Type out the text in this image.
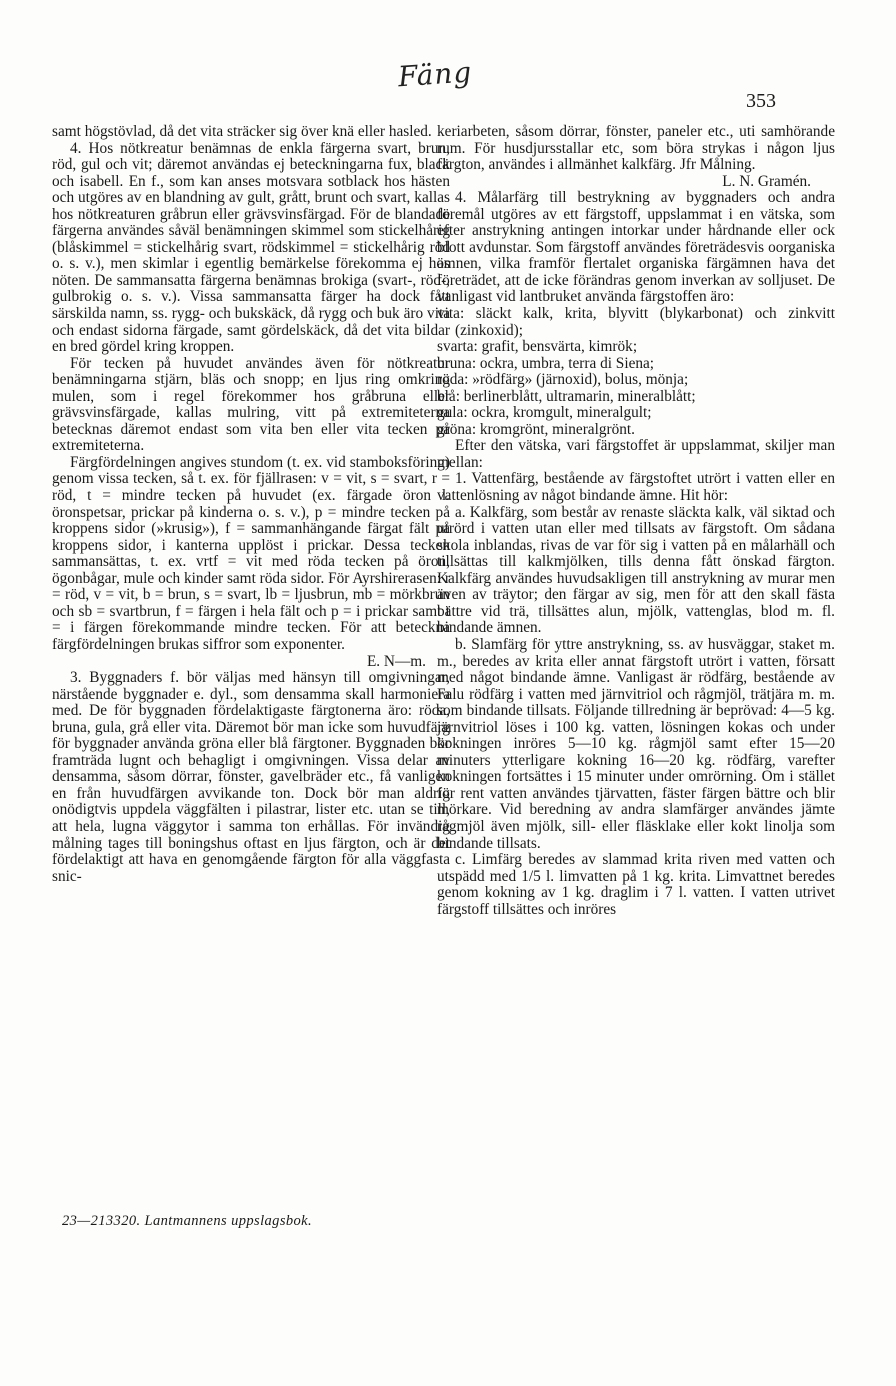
Fäng
353

samt högstövlad, då det vita sträcker sig över knä eller hasled.

4. Hos nötkreatur benämnas de enkla färgerna svart, brun, röd, gul och vit; däremot användas ej beteckningarna fux, black och isabell. En f., som kan anses motsvara sotblack hos hästen och utgöres av en blandning av gult, grått, brunt och svart, kallas hos nötkreaturen gråbrun eller grävsvinsfärgad. För de blandade färgerna användes såväl benämningen skimmel som stickelhårig (blåskimmel = stickelhårig svart, rödskimmel = stickelhårig röd o. s. v.), men skimlar i egentlig bemärkelse förekomma ej hos nöten. De sammansatta färgerna benämnas brokiga (svart-, röd-, gulbrokig o. s. v.). Vissa sammansatta färger ha dock fått särskilda namn, ss. rygg- och bukskäck, då rygg och buk äro vita och endast sidorna färgade, samt gördelskäck, då det vita bildar en bred gördel kring kroppen.

För tecken på huvudet användes även för nötkreatur benämningarna stjärn, bläs och snopp; en ljus ring omkring mulen, som i regel förekommer hos gråbruna eller grävsvinsfärgade, kallas mulring, vitt på extremiteterna betecknas däremot endast som vita ben eller vita tecken på extremiteterna.

Färgfördelningen angives stundom (t. ex. vid stamboksföring) genom vissa tecken, så t. ex. för fjällrasen: v = vit, s = svart, r = röd, t = mindre tecken på huvudet (ex. färgade öron l. öronspetsar, prickar på kinderna o. s. v.), p = mindre tecken på kroppens sidor (»krusig»), f = sammanhängande färgat fält på kroppens sidor, i kanterna upplöst i prickar. Dessa tecken sammansättas, t. ex. vrtf = vit med röda tecken på öron, ögonbågar, mule och kinder samt röda sidor. För Ayrshirerasen: r = röd, v = vit, b = brun, s = svart, lb = ljusbrun, mb = mörkbrun och sb = svartbrun, f = färgen i hela fält och p = i prickar samt t = i färgen förekommande mindre tecken. För att beteckna färgfördelningen brukas siffror som exponenter.

E. N—m.

3. Byggnaders f. bör väljas med hänsyn till omgivningar, närstående byggnader e. dyl., som densamma skall harmoniera med. De för byggnaden fördelaktigaste färgtonerna äro: röda, bruna, gula, grå eller vita. Däremot bör man icke som huvudfärg för byggnader använda gröna eller blå färgtoner. Byggnaden bör framträda lugnt och behagligt i omgivningen. Vissa delar av densamma, såsom dörrar, fönster, gavelbräder etc., få vanligen en från huvudfärgen avvikande ton. Dock bör man aldrig onödigtvis uppdela väggfälten i pilastrar, lister etc. utan se till, att hela, lugna väggytor i samma ton erhållas. För invändig målning tages till boningshus oftast en ljus färgton, och är det fördelaktigt att hava en genomgående färgton för alla väggfasta snic-

keriarbeten, såsom dörrar, fönster, paneler etc., uti samhörande rum. För husdjursstallar etc, som böra strykas i någon ljus färgton, användes i allmänhet kalkfärg. Jfr Målning.

L. N. Gramén.

4. Målarfärg till bestrykning av byggnaders och andra föremål utgöres av ett färgstoff, uppslammat i en vätska, som efter anstrykning antingen intorkar under hårdnande eller ock blott avdunstar. Som färgstoff användes företrädesvis oorganiska ämnen, vilka framför flertalet organiska färgämnen hava det företrädet, att de icke förändras genom inverkan av solljuset. De vanligast vid lantbruket använda färgstoffen äro:

vita: släckt kalk, krita, blyvitt (blykarbonat) och zinkvitt (zinkoxid);

svarta: grafit, bensvärta, kimrök;

bruna: ockra, umbra, terra di Siena;

röda: »rödfärg» (järnoxid), bolus, mönja;

blå: berlinerblått, ultramarin, mineralblått;

gula: ockra, kromgult, mineralgult;

gröna: kromgrönt, mineralgrönt.

Efter den vätska, vari färgstoffet är uppslammat, skiljer man mellan:

1. Vattenfärg, bestående av färgstoftet utrört i vatten eller en vattenlösning av något bindande ämne. Hit hör:

a. Kalkfärg, som består av renaste släckta kalk, väl siktad och utrörd i vatten utan eller med tillsats av färgstoft. Om sådana skola inblandas, rivas de var för sig i vatten på en målarhäll och tillsättas till kalkmjölken, tills denna fått önskad färgton. Kalkfärg användes huvudsakligen till anstrykning av murar men även av träytor; den färgar av sig, men för att den skall fästa bättre vid trä, tillsättes alun, mjölk, vattenglas, blod m. fl. bindande ämnen.

b. Slamfärg för yttre anstrykning, ss. av husväggar, staket m. m., beredes av krita eller annat färgstoft utrört i vatten, försatt med något bindande ämne. Vanligast är rödfärg, bestående av Falu rödfärg i vatten med järnvitriol och rågmjöl, trätjära m. m. som bindande tillsats. Följande tillredning är beprövad: 4—5 kg. järnvitriol löses i 100 kg. vatten, lösningen kokas och under kokningen inröres 5—10 kg. rågmjöl samt efter 15—20 minuters ytterligare kokning 16—20 kg. rödfärg, varefter kokningen fortsättes i 15 minuter under omrörning. Om i stället för rent vatten användes tjärvatten, fäster färgen bättre och blir mörkare. Vid beredning av andra slamfärger användes jämte rågmjöl även mjölk, sill- eller fläsklake eller kokt linolja som bindande tillsats.

c. Limfärg beredes av slammad krita riven med vatten och utspädd med 1/5 l. limvatten på 1 kg. krita. Limvattnet beredes genom kokning av 1 kg. draglim i 7 l. vatten. I vatten utrivet färgstoff tillsättes och inröres

23—213320. Lantmannens uppslagsbok.
